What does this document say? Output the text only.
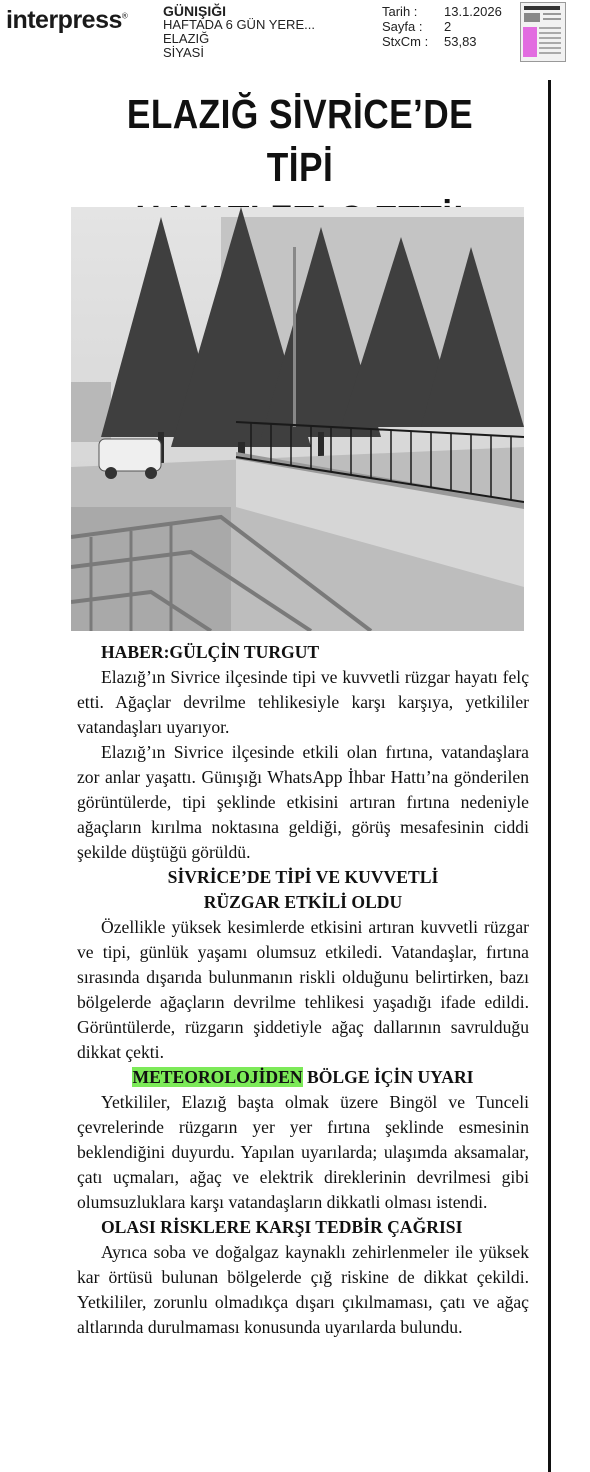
interpress®	GÜNIŞIĞI
HAFTADA 6 GÜN YERE...
ELAZIĞ
SİYASİ
Tarih :	13.1.2026
Sayfa :	2
StxCm :	53,83
ELAZIĞ SİVRİCE’DE TİPİ
HABER:GÜLÇİN TURGUT

Elazığ’ın Sivrice ilçesinde tipi ve kuvvetli rüzgar hayatı felç etti. Ağaçlar devrilme tehlikesiyle karşı karşıya, yetkililer vatandaşları uyarıyor.

Elazığ’ın Sivrice ilçesinde etkili olan fırtına, vatandaşlara zor anlar yaşattı. Günışığı WhatsApp İhbar Hattı’na gönderilen görüntülerde, tipi şeklinde etkisini artıran fırtına nedeniyle ağaçların kırılma noktasına geldiği, görüş mesafesinin ciddi şekilde düştüğü görüldü.

SİVRİCE’DE TİPİ VE KUVVETLİ
RÜZGAR ETKİLİ OLDU

Özellikle yüksek kesimlerde etkisini artıran kuvvetli rüzgar ve tipi, günlük yaşamı olumsuz etkiledi. Vatandaşlar, fırtına sırasında dışarıda bulunmanın riskli olduğunu belirtirken, bazı bölgelerde ağaçların devrilme tehlikesi yaşadığı ifade edildi. Görüntülerde, rüzgarın şiddetiyle ağaç dallarının savrulduğu dikkat çekti.

METEOROLOJİDEN BÖLGE İÇİN UYARI

Yetkililer, Elazığ başta olmak üzere Bingöl ve Tunceli çevrelerinde rüzgarın yer yer fırtına şeklinde esmesinin beklendiğini duyurdu. Yapılan uyarılarda; ulaşımda aksamalar, çatı uçmaları, ağaç ve elektrik direklerinin devrilmesi gibi olumsuzluklara karşı vatandaşların dikkatli olması istendi.

OLASI RİSKLERE KARŞI TEDBİR ÇAĞRISI

Ayrıca soba ve doğalgaz kaynaklı zehirlenmeler ile yüksek kar örtüsü bulunan bölgelerde çığ riskine de dikkat çekildi. Yetkililer, zorunlu olmadıkça dışarı çıkılmaması, çatı ve ağaç altlarında durulmaması konusunda uyarılarda bulundu.
